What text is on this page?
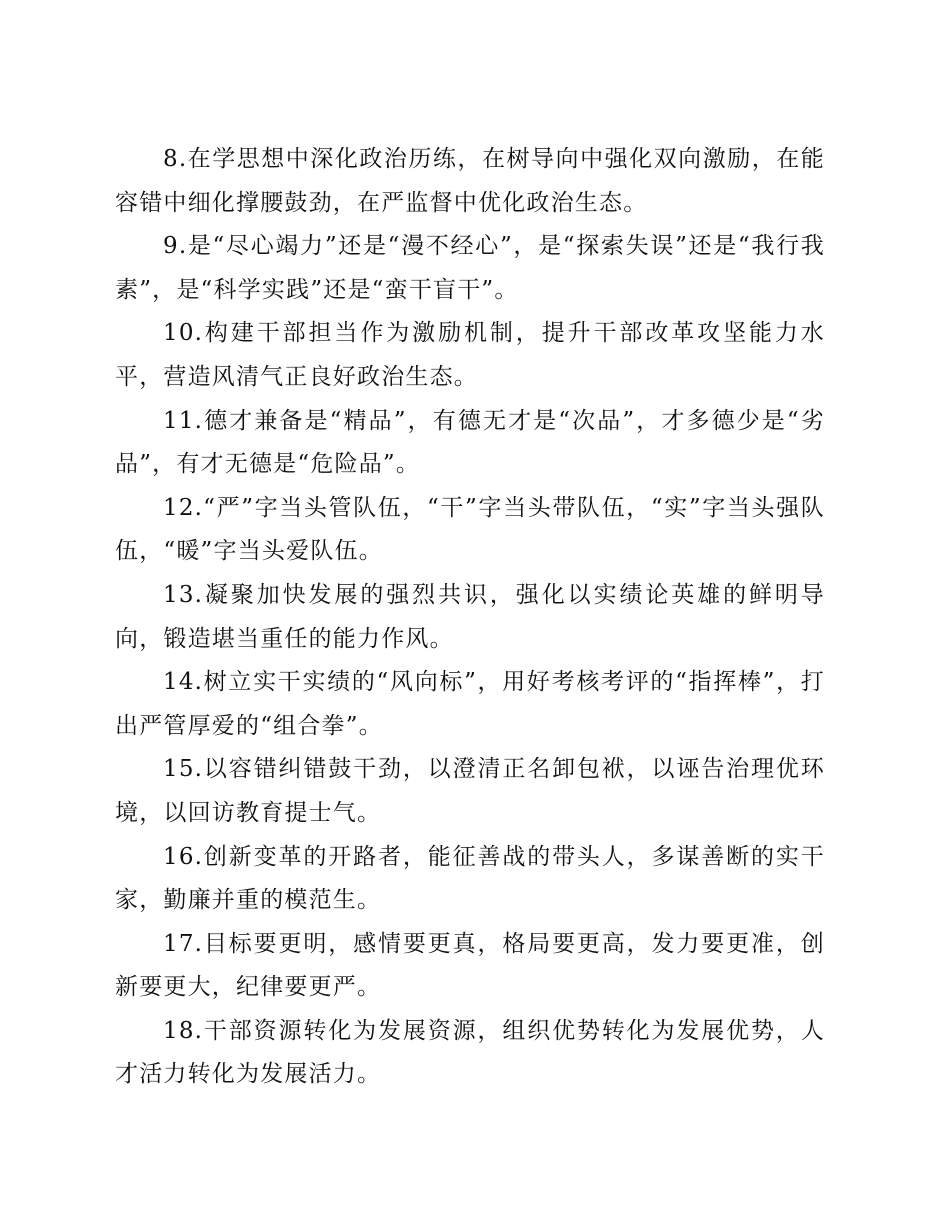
8.在学思想中深化政治历练，在树导向中强化双向激励，在能容错中细化撑腰鼓劲，在严监督中优化政治生态。

9.是“尽心竭力”还是“漫不经心”，是“探索失误”还是“我行我素”，是“科学实践”还是“蛮干盲干”。

10.构建干部担当作为激励机制，提升干部改革攻坚能力水平，营造风清气正良好政治生态。

11.德才兼备是“精品”，有德无才是“次品”，才多德少是“劣品”，有才无德是“危险品”。

12.“严”字当头管队伍，“干”字当头带队伍，“实”字当头强队伍，“暖”字当头爱队伍。

13.凝聚加快发展的强烈共识，强化以实绩论英雄的鲜明导向，锻造堪当重任的能力作风。

14.树立实干实绩的“风向标”，用好考核考评的“指挥棒”，打出严管厚爱的“组合拳”。

15.以容错纠错鼓干劲，以澄清正名卸包袱，以诬告治理优环境，以回访教育提士气。

16.创新变革的开路者，能征善战的带头人，多谋善断的实干家，勤廉并重的模范生。

17.目标要更明，感情要更真，格局要更高，发力要更准，创新要更大，纪律要更严。

18.干部资源转化为发展资源，组织优势转化为发展优势，人才活力转化为发展活力。
